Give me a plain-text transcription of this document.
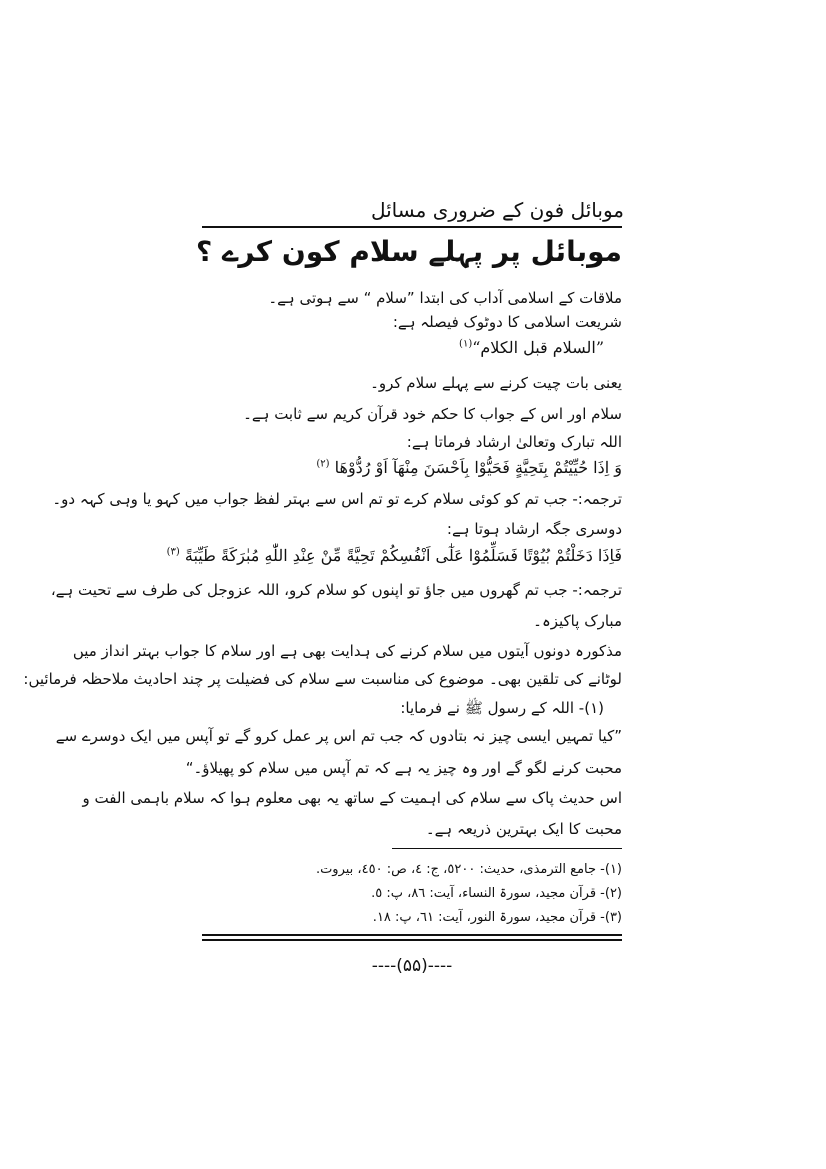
موبائل فون کے ضروری مسائل
موبائل پر پہلے سلام کون کرے ؟
ملاقات کے اسلامی آداب کی ابتدا ”سلام “ سے ہوتی ہے۔
شریعت اسلامی کا دوٹوک فیصلہ ہے:
”السلام قبل الكلام“$^{(۱)}$
یعنی بات چیت کرنے سے پہلے سلام کرو۔
سلام اور اس کے جواب کا حکم خود قرآن کریم سے ثابت ہے۔
اللہ تبارک وتعالیٰ ارشاد فرماتا ہے:
وَ اِذَا حُيِّيْتُمْ بِتَحِيَّةٍ فَحَيُّوْا بِاَحْسَنَ مِنْهَآ اَوْ رُدُّوْهَا $^{(۲)}$
ترجمہ:- جب تم کو کوئی سلام کرے تو تم اس سے بہتر لفظ جواب میں کہو یا وہی کہہ دو۔
دوسری جگہ ارشاد ہوتا ہے:
فَاِذَا دَخَلْتُمْ بُيُوْتًا فَسَلِّمُوْا عَلٰٓى اَنْفُسِكُمْ تَحِيَّةً مِّنْ عِنْدِ اللّٰهِ مُبٰرَكَةً طَيِّبَةً $^{(۳)}$
ترجمہ:- جب تم گھروں میں جاؤ تو اپنوں کو سلام کرو، اللہ عزوجل کی طرف سے تحیت ہے،
مبارک پاکیزہ۔
مذکورہ دونوں آیتوں میں سلام کرنے کی ہدایت بھی ہے اور سلام کا جواب بہتر انداز میں
لوٹانے کی تلقین بھی۔ موضوع کی مناسبت سے سلام کی فضیلت پر چند احادیث ملاحظہ فرمائیں:
(۱)- اللہ کے رسول ﷺ نے فرمایا:
”کیا تمہیں ایسی چیز نہ بتادوں کہ جب تم اس پر عمل کرو گے تو آپس میں ایک دوسرے سے
محبت کرنے لگو گے اور وہ چیز یہ ہے کہ تم آپس میں سلام کو پھیلاؤ۔“
اس حدیث پاک سے سلام کی اہمیت کے ساتھ یہ بھی معلوم ہوا کہ سلام باہمی الفت و
محبت کا ایک بہترین ذریعہ ہے۔
(۱)- جامع الترمذی، حدیث: ٥٢٠٠، ج: ٤، ص: ٤٥٠، بیروت.
(۲)- قرآن مجید، سورۃ النساء، آیت: ٨٦، پ: ٥.
(۳)- قرآن مجید، سورۃ النور، آیت: ٦١، پ: ١٨.
----(۵۵)----
